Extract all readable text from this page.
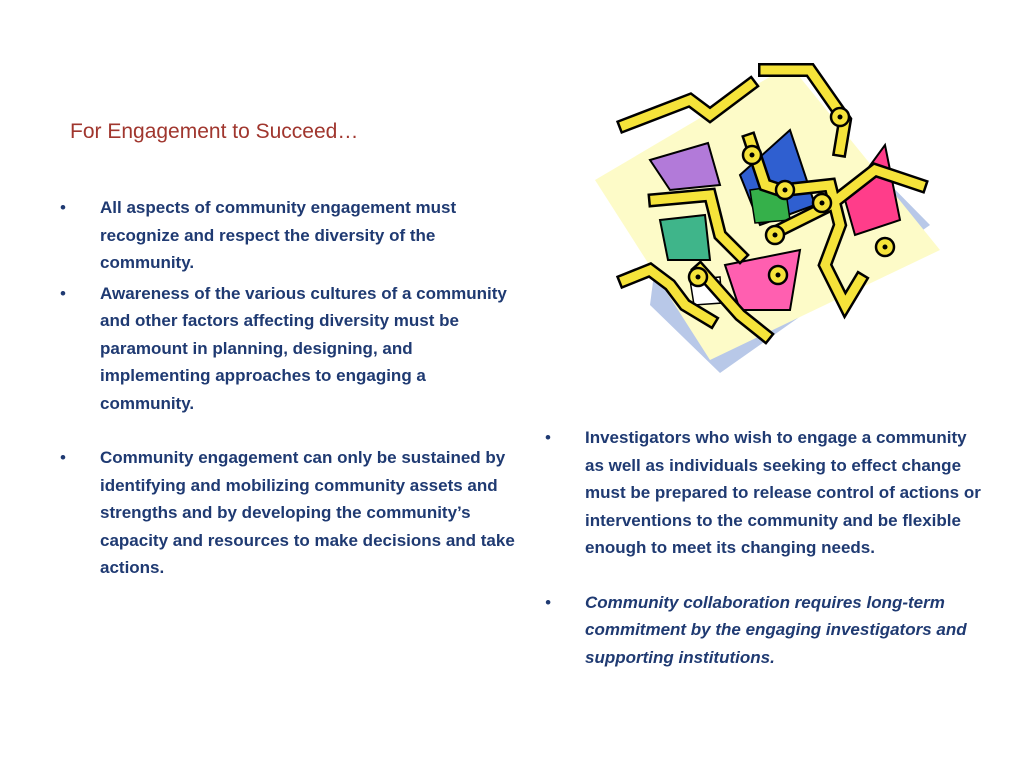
For Engagement to Succeed…
• All aspects of community engagement must recognize and respect the diversity of the community.
• Awareness of the various cultures of a community and other factors affecting diversity must be paramount in planning, designing, and implementing approaches to engaging a community.
• Community engagement can only be sustained by identifying and mobilizing community assets and strengths and by developing the community’s capacity and resources to make decisions and take actions.
• Investigators who wish to engage a community as well as individuals seeking to effect change must be prepared to release control of actions or interventions to the community and be flexible enough to meet its changing needs.
• Community collaboration requires long-term commitment by the engaging investigators and supporting institutions.
